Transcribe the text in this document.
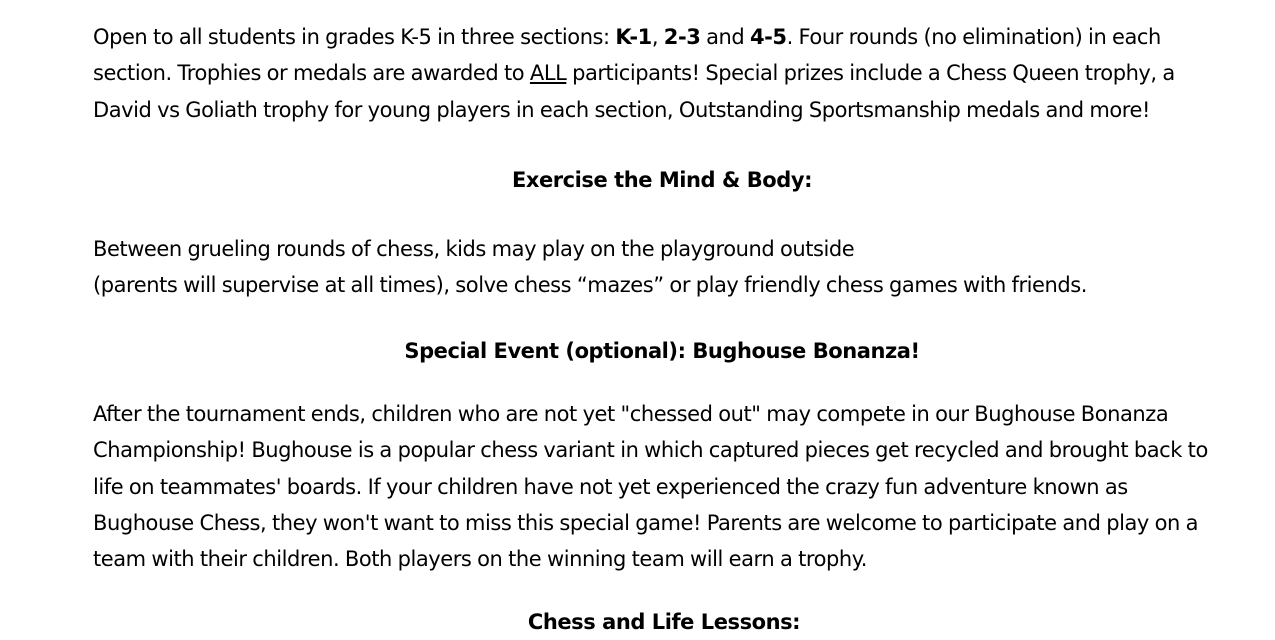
Open to all students in grades K-5 in three sections: K-1, 2-3 and 4-5. Four rounds (no elimination) in each
section. Trophies or medals are awarded to ALL participants! Special prizes include a Chess Queen trophy, a
David vs Goliath trophy for young players in each section, Outstanding Sportsmanship medals and more!

Exercise the Mind & Body:

Between grueling rounds of chess, kids may play on the playground outside
(parents will supervise at all times), solve chess “mazes” or play friendly chess games with friends.

Special Event (optional): Bughouse Bonanza!

After the tournament ends, children who are not yet "chessed out" may compete in our Bughouse Bonanza
Championship! Bughouse is a popular chess variant in which captured pieces get recycled and brought back to
life on teammates' boards. If your children have not yet experienced the crazy fun adventure known as
Bughouse Chess, they won't want to miss this special game! Parents are welcome to participate and play on a
team with their children. Both players on the winning team will earn a trophy.

Chess and Life Lessons:
